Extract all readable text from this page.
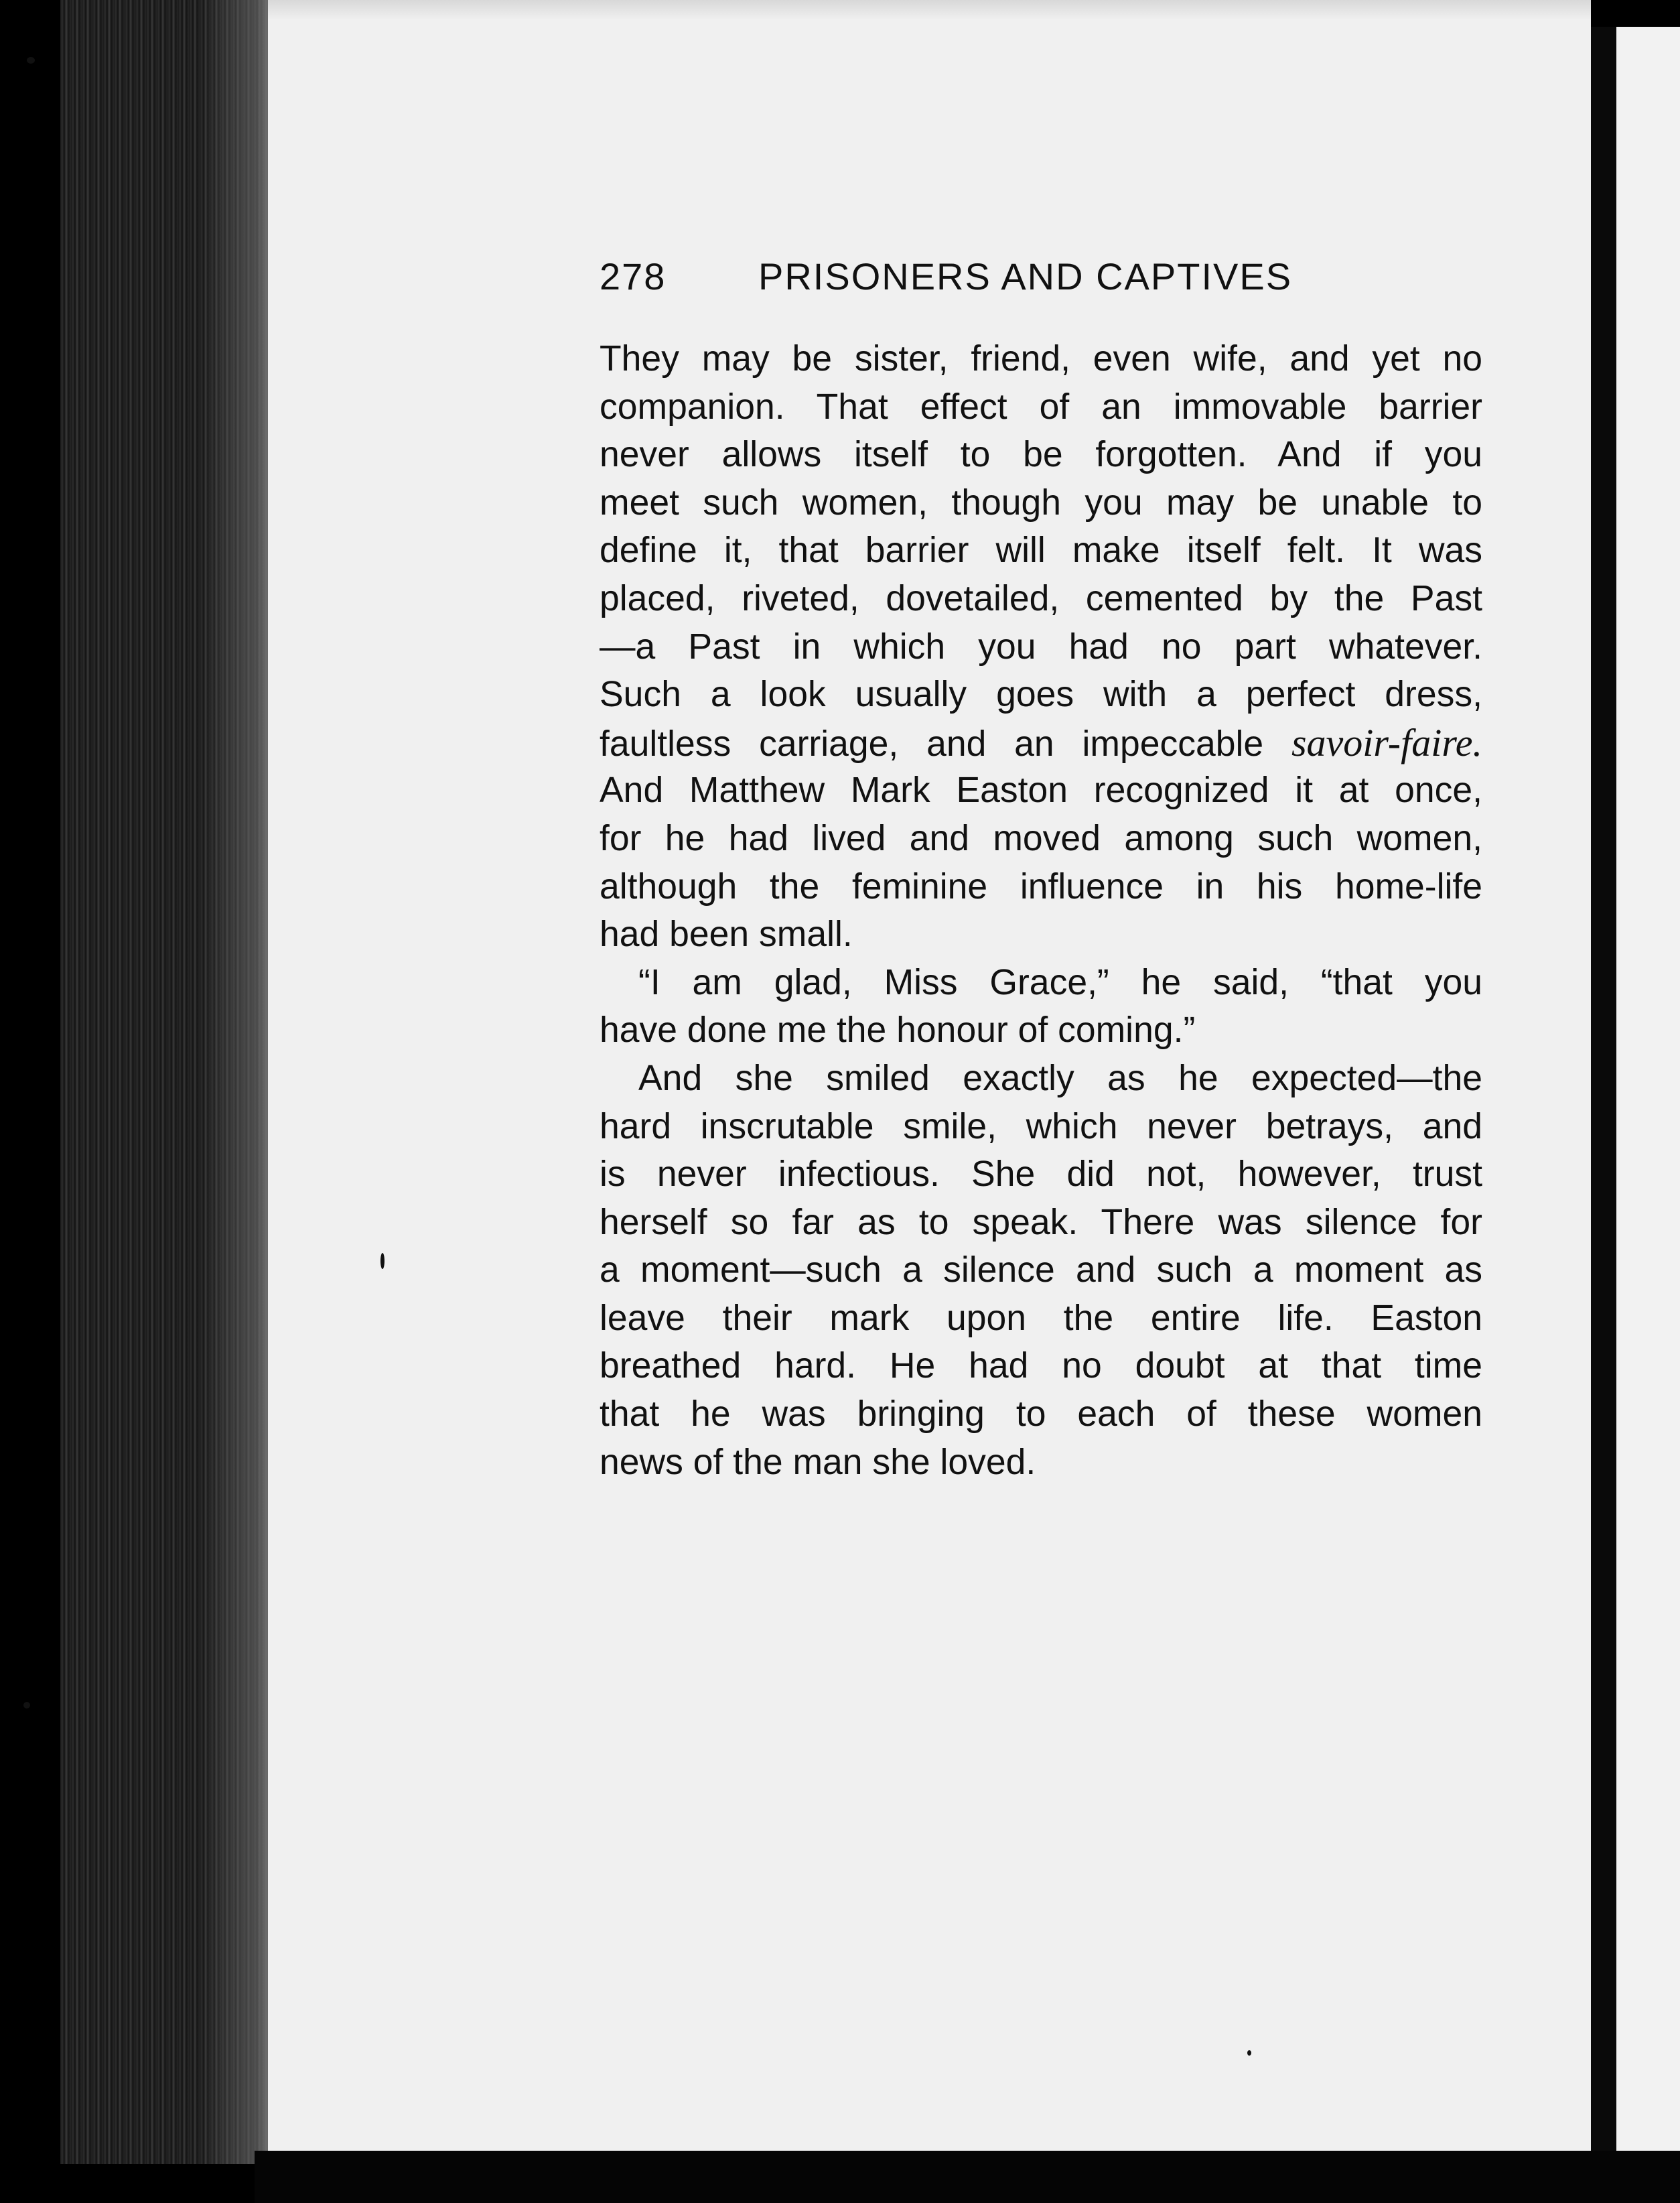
278 PRISONERS AND CAPTIVES
They may be sister, friend, even wife, and yet no
companion. That effect of an immovable barrier
never allows itself to be forgotten. And if you
meet such women, though you may be unable to
define it, that barrier will make itself felt. It was
placed, riveted, dovetailed, cemented by the Past
—a Past in which you had no part whatever.
Such a look usually goes with a perfect dress,
faultless carriage, and an impeccable savoir-faire.
And Matthew Mark Easton recognized it at once,
for he had lived and moved among such women,
although the feminine influence in his home-life
had been small.
“I am glad, Miss Grace,” he said, “that you
have done me the honour of coming.”
And she smiled exactly as he expected—the
hard inscrutable smile, which never betrays, and
is never infectious. She did not, however, trust
herself so far as to speak. There was silence for
a moment—such a silence and such a moment as
leave their mark upon the entire life. Easton
breathed hard. He had no doubt at that time
that he was bringing to each of these women
news of the man she loved.
